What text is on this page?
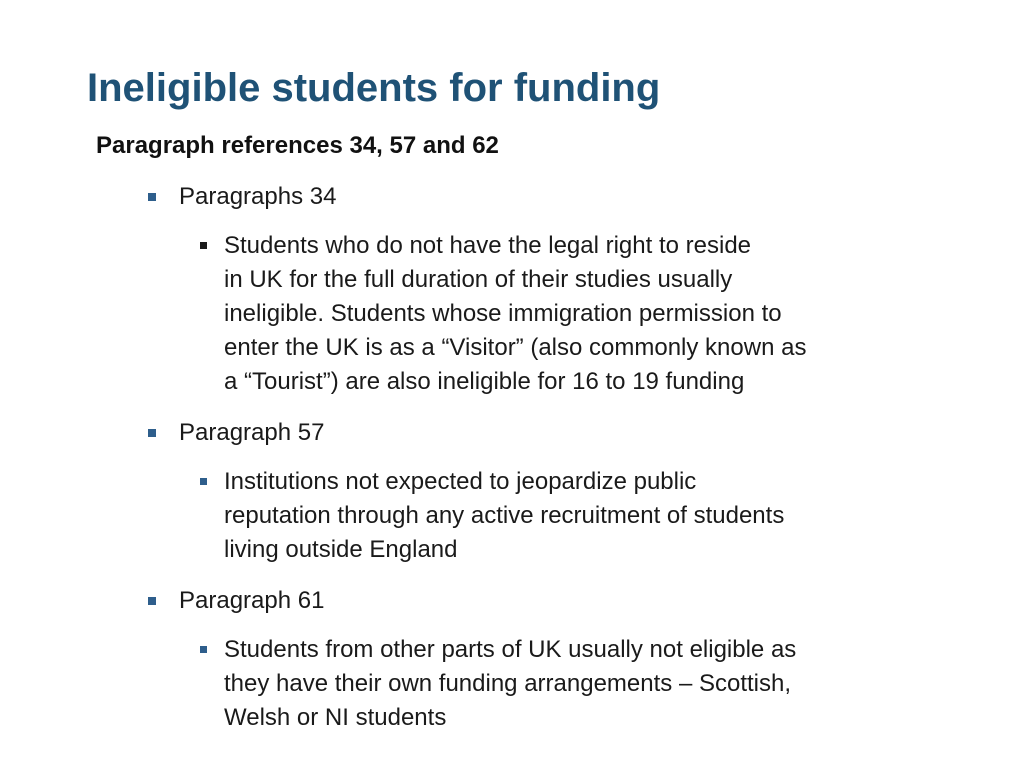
Ineligible students for funding
Paragraph references 34, 57 and 62
Paragraphs 34

Students who do not have the legal right to reside
in UK for the full duration of their studies usually
ineligible. Students whose immigration permission to
enter the UK is as a “Visitor” (also commonly known as
a “Tourist”) are also ineligible for 16 to 19 funding

Paragraph 57

Institutions not expected to jeopardize public
reputation through any active recruitment of students
living outside England

Paragraph 61

Students from other parts of UK usually not eligible as
they have their own funding arrangements – Scottish,
Welsh or NI students
